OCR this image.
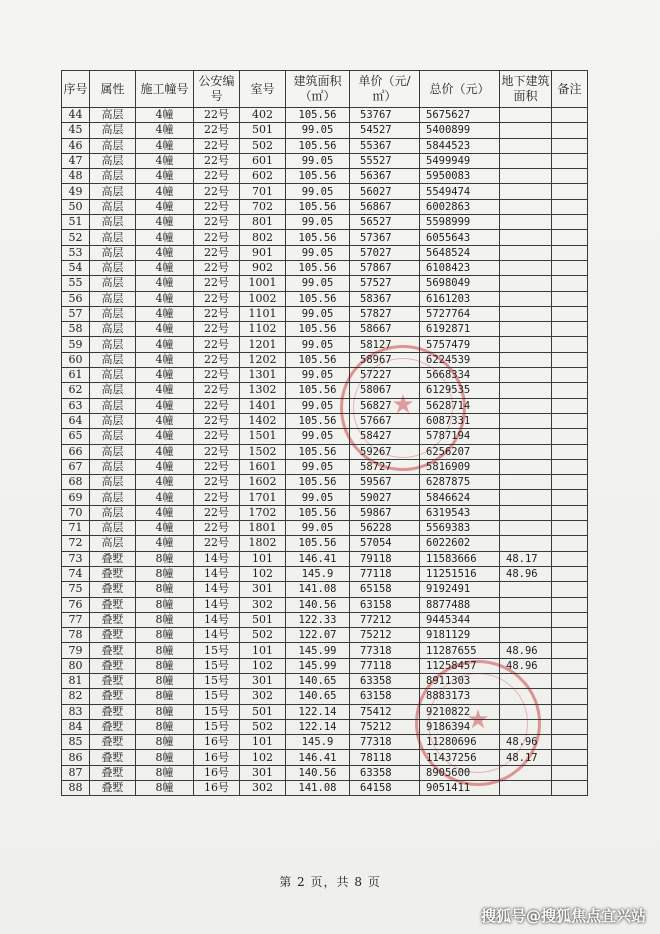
★
★
序号	属性	施工幢号	公安编号	室号	建筑面积（㎡）	单价（元/㎡）	总价（元）	地下建筑面积	备注
44	高层	4幢	22号	402	105.56	53767	5675627		
45	高层	4幢	22号	501	99.05	54527	5400899		
46	高层	4幢	22号	502	105.56	55367	5844523		
47	高层	4幢	22号	601	99.05	55527	5499949		
48	高层	4幢	22号	602	105.56	56367	5950083		
49	高层	4幢	22号	701	99.05	56027	5549474		
50	高层	4幢	22号	702	105.56	56867	6002863		
51	高层	4幢	22号	801	99.05	56527	5598999		
52	高层	4幢	22号	802	105.56	57367	6055643		
53	高层	4幢	22号	901	99.05	57027	5648524		
54	高层	4幢	22号	902	105.56	57867	6108423		
55	高层	4幢	22号	1001	99.05	57527	5698049		
56	高层	4幢	22号	1002	105.56	58367	6161203		
57	高层	4幢	22号	1101	99.05	57827	5727764		
58	高层	4幢	22号	1102	105.56	58667	6192871		
59	高层	4幢	22号	1201	99.05	58127	5757479		
60	高层	4幢	22号	1202	105.56	58967	6224539		
61	高层	4幢	22号	1301	99.05	57227	5668334		
62	高层	4幢	22号	1302	105.56	58067	6129535		
63	高层	4幢	22号	1401	99.05	56827	5628714		
64	高层	4幢	22号	1402	105.56	57667	6087331		
65	高层	4幢	22号	1501	99.05	58427	5787194		
66	高层	4幢	22号	1502	105.56	59267	6256207		
67	高层	4幢	22号	1601	99.05	58727	5816909		
68	高层	4幢	22号	1602	105.56	59567	6287875		
69	高层	4幢	22号	1701	99.05	59027	5846624		
70	高层	4幢	22号	1702	105.56	59867	6319543		
71	高层	4幢	22号	1801	99.05	56228	5569383		
72	高层	4幢	22号	1802	105.56	57054	6022602		
73	叠墅	8幢	14号	101	146.41	79118	11583666	48.17	
74	叠墅	8幢	14号	102	145.9	77118	11251516	48.96	
75	叠墅	8幢	14号	301	141.08	65158	9192491		
76	叠墅	8幢	14号	302	140.56	63158	8877488		
77	叠墅	8幢	14号	501	122.33	77212	9445344		
78	叠墅	8幢	14号	502	122.07	75212	9181129		
79	叠墅	8幢	15号	101	145.99	77318	11287655	48.96	
80	叠墅	8幢	15号	102	145.99	77118	11258457	48.96	
81	叠墅	8幢	15号	301	140.65	63358	8911303		
82	叠墅	8幢	15号	302	140.65	63158	8883173		
83	叠墅	8幢	15号	501	122.14	75412	9210822		
84	叠墅	8幢	15号	502	122.14	75212	9186394		
85	叠墅	8幢	16号	101	145.9	77318	11280696	48.96	
86	叠墅	8幢	16号	102	146.41	78118	11437256	48.17	
87	叠墅	8幢	16号	301	140.56	63358	8905600		
88	叠墅	8幢	16号	302	141.08	64158	9051411		
第 2 页，共 8 页
搜狐号@搜狐焦点宜兴站
